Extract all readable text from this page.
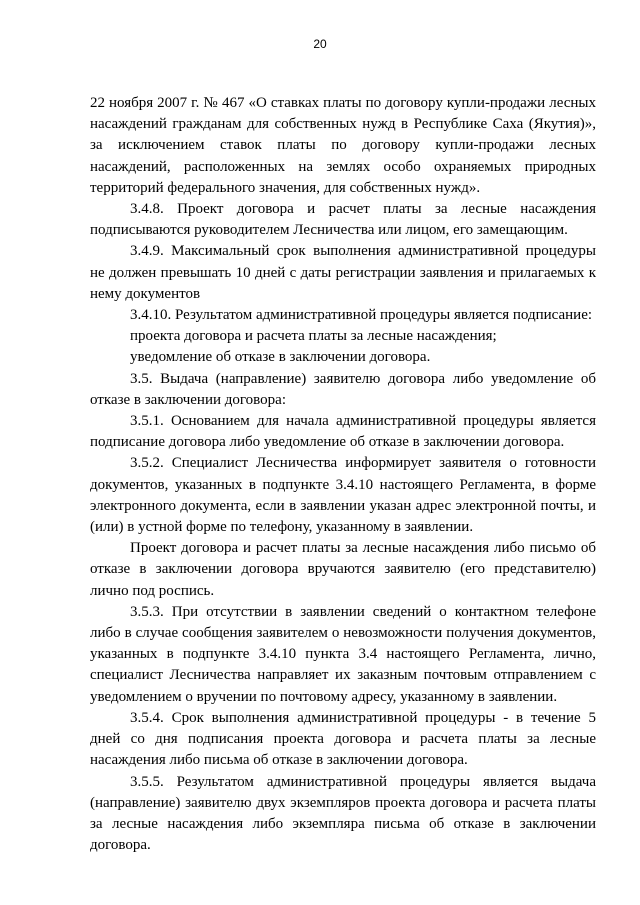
20

22 ноября 2007 г. № 467 «О ставках платы по договору купли-продажи лесных насаждений гражданам для собственных нужд в Республике Саха (Якутия)», за исключением ставок платы по договору купли-продажи лесных насаждений, расположенных на землях особо охраняемых природных территорий федерального значения, для собственных нужд».

3.4.8. Проект договора и расчет платы за лесные насаждения подписываются руководителем Лесничества или лицом, его замещающим.

3.4.9. Максимальный срок выполнения административной процедуры не должен превышать 10 дней с даты регистрации заявления и прилагаемых к нему документов

3.4.10. Результатом административной процедуры является подписание:

проекта договора и расчета платы за лесные насаждения;

уведомление об отказе в заключении договора.

3.5. Выдача (направление) заявителю договора либо уведомление об отказе в заключении договора:

3.5.1. Основанием для начала административной процедуры является подписание договора либо уведомление об отказе в заключении договора.

3.5.2. Специалист Лесничества информирует заявителя о готовности документов, указанных в подпункте 3.4.10 настоящего Регламента, в форме электронного документа, если в заявлении указан адрес электронной почты, и (или) в устной форме по телефону, указанному в заявлении.

Проект договора и расчет платы за лесные насаждения либо письмо об отказе в заключении договора вручаются заявителю (его представителю) лично под роспись.

3.5.3. При отсутствии в заявлении сведений о контактном телефоне либо в случае сообщения заявителем о невозможности получения документов, указанных в подпункте 3.4.10 пункта 3.4 настоящего Регламента, лично, специалист Лесничества направляет их заказным почтовым отправлением с уведомлением о вручении по почтовому адресу, указанному в заявлении.

3.5.4. Срок выполнения административной процедуры - в течение 5 дней со дня подписания проекта договора и расчета платы за лесные насаждения либо письма об отказе в заключении договора.

3.5.5. Результатом административной процедуры является выдача (направление) заявителю двух экземпляров проекта договора и расчета платы за лесные насаждения либо экземпляра письма об отказе в заключении договора.
